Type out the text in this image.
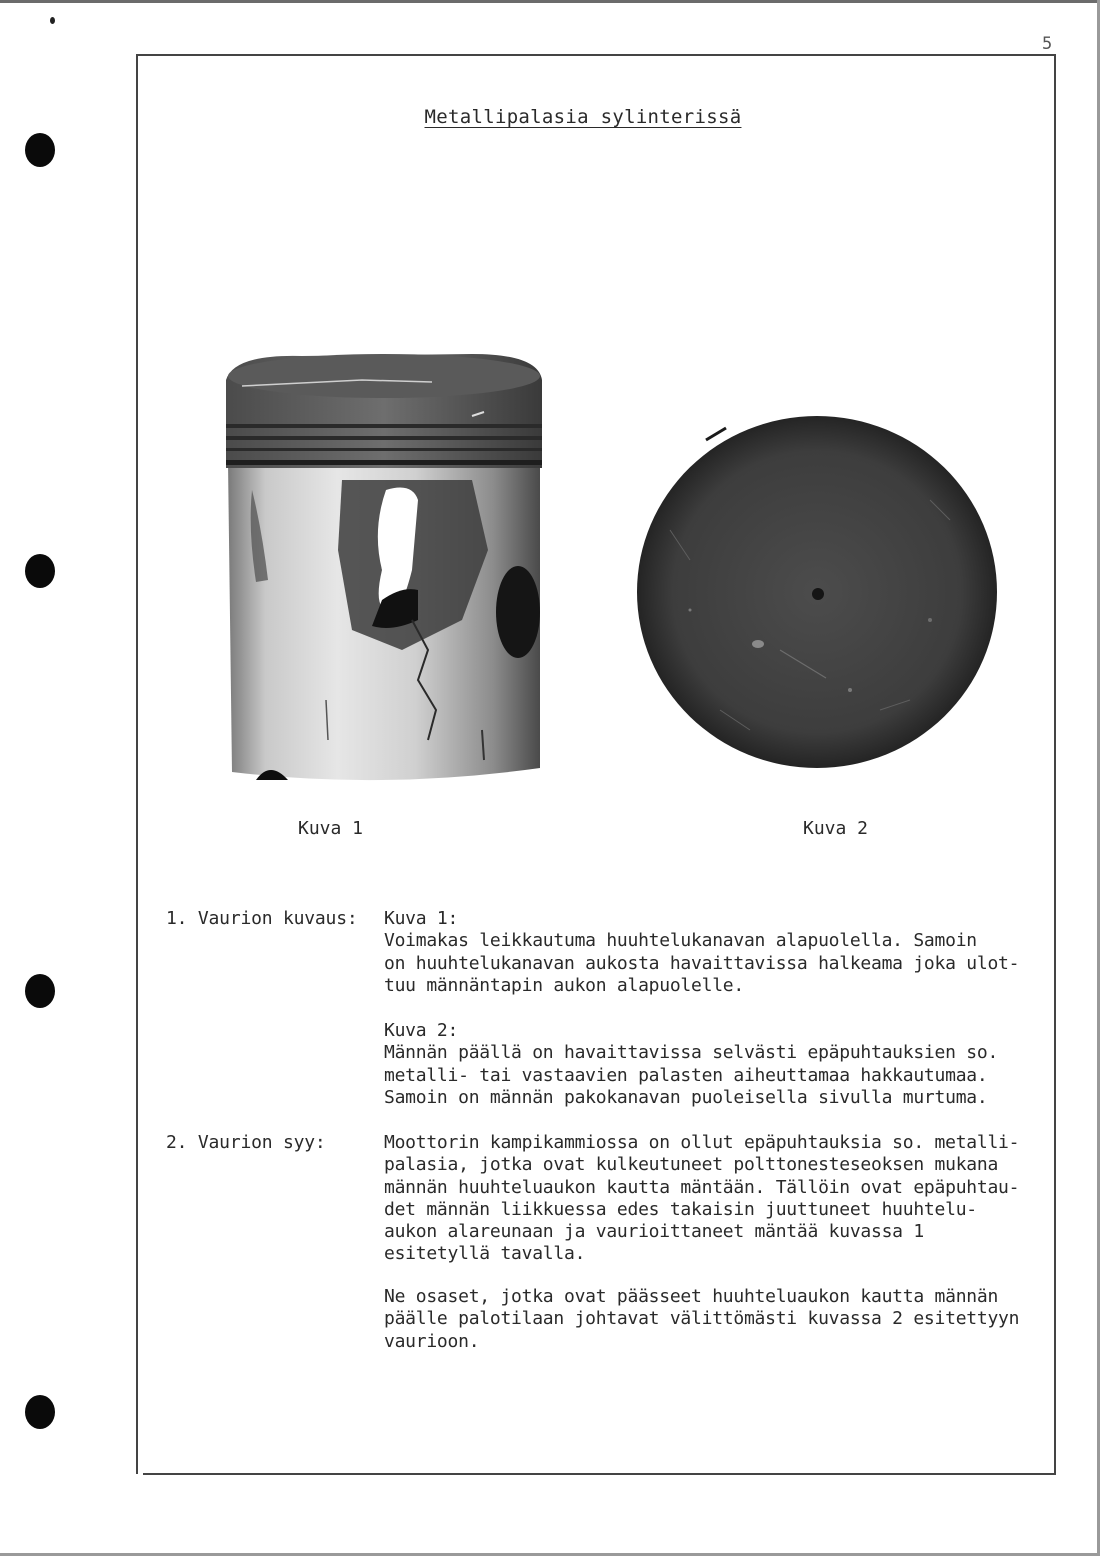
5
Metallipalasia sylinterissä
Kuva 1	Kuva 2
1. Vaurion kuvaus: Kuva 1:
Voimakas leikkautuma huuhtelukanavan alapuolella. Samoin
on huuhtelukanavan aukosta havaittavissa halkeama joka ulot-
tuu männäntapin aukon alapuolelle.
Kuva 2:
Männän päällä on havaittavissa selvästi epäpuhtauksien so.
metalli- tai vastaavien palasten aiheuttamaa hakkautumaa.
Samoin on männän pakokanavan puoleisella sivulla murtuma.
2. Vaurion syy:	Moottorin kampikammiossa on ollut epäpuhtauksia so. metalli-
palasia, jotka ovat kulkeutuneet polttonesteseoksen mukana
männän huuhteluaukon kautta mäntään. Tällöin ovat epäpuhtau-
det männän liikkuessa edes takaisin juuttuneet huuhtelu-
aukon alareunaan ja vaurioittaneet mäntää kuvassa 1
esitetyllä tavalla.
Ne osaset, jotka ovat päässeet huuhteluaukon kautta männän
päälle palotilaan johtavat välittömästi kuvassa 2 esitettyyn
vaurioon.
